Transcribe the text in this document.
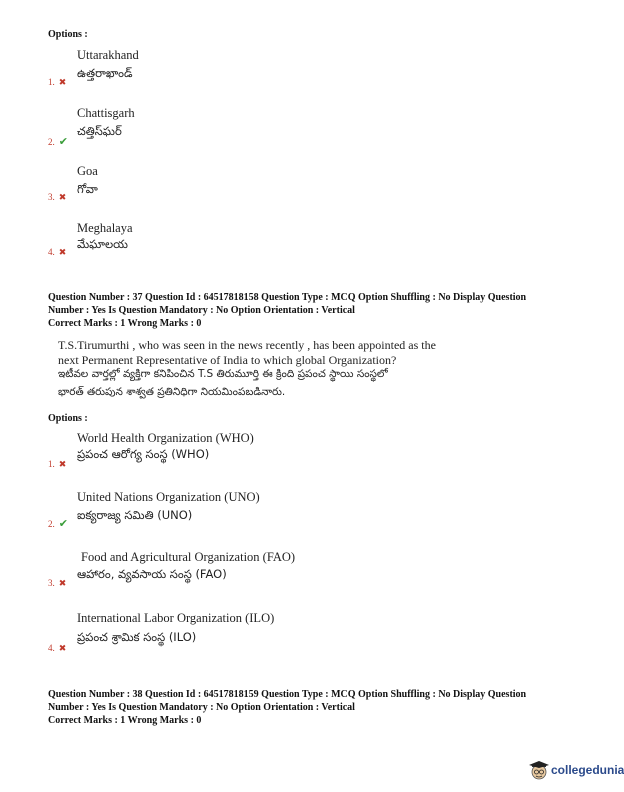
Options :
Uttarakhand
ఉత్తరాఖాండ్
1. ✖
Chattisgarh
చత్తిస్‌ఘర్
2. ✔
Goa
గోవా
3. ✖
Meghalaya
మేఘాలయ
4. ✖
Question Number : 37 Question Id : 64517818158 Question Type : MCQ Option Shuffling : No Display Question
Number : Yes Is Question Mandatory : No Option Orientation : Vertical
Correct Marks : 1 Wrong Marks : 0
T.S.Tirumurthi , who was seen in the news recently , has been appointed as the
next Permanent Representative of India to which global Organization?
ఇటీవల వార్తల్లో వ్యక్తిగా కనిపించిన T.S తిరుమూర్తి ఈ క్రింది ప్రపంచ స్థాయి సంస్థలో
భారత్ తరుపున శాశ్వత ప్రతినిధిగా నియమింపబడినారు.
Options :
World Health Organization (WHO)
ప్రపంచ ఆరోగ్య సంస్థ (WHO)
1. ✖
United Nations Organization (UNO)
ఐక్యరాజ్య సమితి (UNO)
2. ✔
Food and Agricultural Organization (FAO)
ఆహారం, వ్యవసాయ సంస్థ (FAO)
3. ✖
International Labor Organization (ILO)
ప్రపంచ శ్రామిక సంస్థ (ILO)
4. ✖
Question Number : 38 Question Id : 64517818159 Question Type : MCQ Option Shuffling : No Display Question
Number : Yes Is Question Mandatory : No Option Orientation : Vertical
Correct Marks : 1 Wrong Marks : 0
collegedunia
